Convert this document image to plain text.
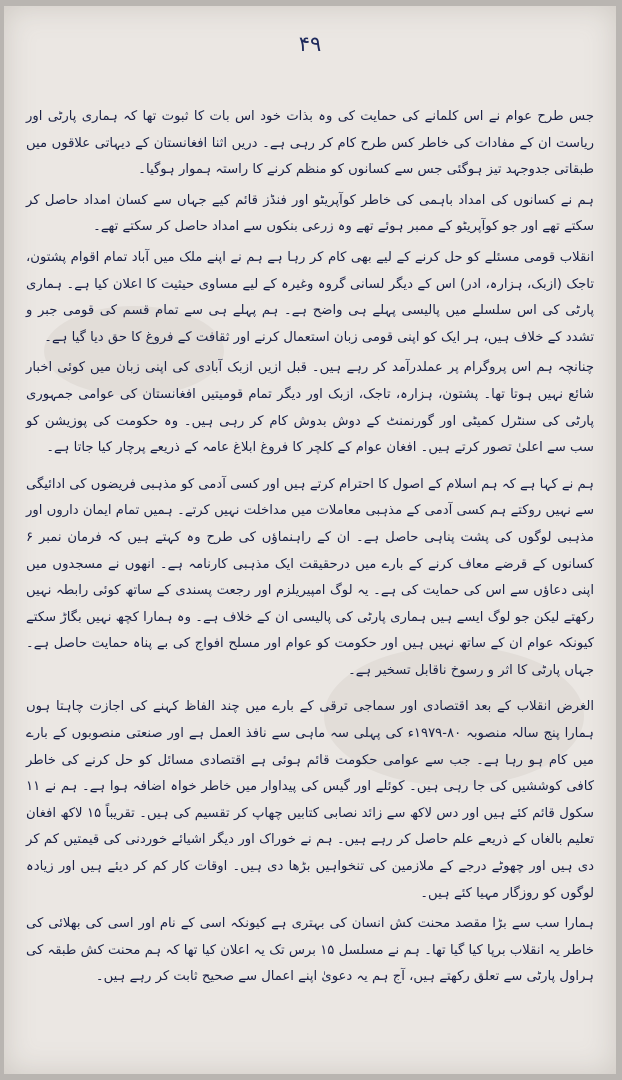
۴۹

جس طرح عوام نے اس کلمانے کی حمایت کی وہ بذات خود اس بات کا ثبوت تھا کہ ہماری پارٹی اور ریاست ان کے مفادات کی خاطر کس طرح کام کر رہی ہے۔ دریں اثنا افغانستان کے دیہاتی علاقوں میں طبقاتی جدوجہد تیز ہوگئی جس سے کسانوں کو منظم کرنے کا راستہ ہموار ہوگیا۔

ہم نے کسانوں کی امداد باہمی کی خاطر کوآپریٹو اور فنڈز قائم کیے جہاں سے کسان امداد حاصل کر سکتے تھے اور جو کوآپریٹو کے ممبر ہوئے تھے وہ زرعی بنکوں سے امداد حاصل کر سکتے تھے۔

انقلاب قومی مسئلے کو حل کرنے کے لیے بھی کام کر رہا ہے ہم نے اپنے ملک میں آباد تمام اقوام پشتون، تاجک (ازبک، ہزارہ، ادر) اس کے دیگر لسانی گروہ وغیرہ کے لیے مساوی حیثیت کا اعلان کیا ہے۔ ہماری پارٹی کی اس سلسلے میں پالیسی پہلے ہی واضح ہے۔ ہم پہلے ہی سے تمام قسم کی قومی جبر و تشدد کے خلاف ہیں، ہر ایک کو اپنی قومی زبان استعمال کرنے اور ثقافت کے فروغ کا حق دیا گیا ہے۔

چنانچہ ہم اس پروگرام پر عملدرآمد کر رہے ہیں۔ قبل ازیں ازبک آبادی کی اپنی زبان میں کوئی اخبار شائع نہیں ہوتا تھا۔ پشتون، ہزارہ، تاجک، ازبک اور دیگر تمام قومیتیں افغانستان کی عوامی جمہوری پارٹی کی سنٹرل کمیٹی اور گورنمنٹ کے دوش بدوش کام کر رہی ہیں۔ وہ حکومت کی پوزیشن کو سب سے اعلیٰ تصور کرتے ہیں۔ افغان عوام کے کلچر کا فروغ ابلاغ عامہ کے ذریعے پرچار کیا جاتا ہے۔

ہم نے کہا ہے کہ ہم اسلام کے اصول کا احترام کرتے ہیں اور کسی آدمی کو مذہبی فریضوں کی ادائیگی سے نہیں روکتے ہم کسی آدمی کے مذہبی معاملات میں مداخلت نہیں کرتے۔ ہمیں تمام ایمان داروں اور مذہبی لوگوں کی پشت پناہی حاصل ہے۔ ان کے راہنماؤں کی طرح وہ کہتے ہیں کہ فرمان نمبر ۶ کسانوں کے قرضے معاف کرنے کے بارے میں درحقیقت ایک مذہبی کارنامہ ہے۔ انھوں نے مسجدوں میں اپنی دعاؤں سے اس کی حمایت کی ہے۔ یہ لوگ امپیریلزم اور رجعت پسندی کے ساتھ کوئی رابطہ نہیں رکھتے لیکن جو لوگ ایسے ہیں ہماری پارٹی کی پالیسی ان کے خلاف ہے۔ وہ ہمارا کچھ نہیں بگاڑ سکتے کیونکہ عوام ان کے ساتھ نہیں ہیں اور حکومت کو عوام اور مسلح افواج کی بے پناہ حمایت حاصل ہے۔ جہاں پارٹی کا اثر و رسوخ ناقابل تسخیر ہے۔

الغرض انقلاب کے بعد اقتصادی اور سماجی ترقی کے بارے میں چند الفاظ کہنے کی اجازت چاہتا ہوں ہمارا پنج سالہ منصوبہ ۸۰-۱۹۷۹ء کی پہلی سہ ماہی سے نافذ العمل ہے اور صنعتی منصوبوں کے بارے میں کام ہو رہا ہے۔ جب سے عوامی حکومت قائم ہوئی ہے اقتصادی مسائل کو حل کرنے کی خاطر کافی کوششیں کی جا رہی ہیں۔ کوئلے اور گیس کی پیداوار میں خاطر خواہ اضافہ ہوا ہے۔ ہم نے ۱۱ سکول قائم کئے ہیں اور دس لاکھ سے زائد نصابی کتابیں چھاپ کر تقسیم کی ہیں۔ تقریباً ۱۵ لاکھ افغان تعلیم بالغاں کے ذریعے علم حاصل کر رہے ہیں۔ ہم نے خوراک اور دیگر اشیائے خوردنی کی قیمتیں کم کر دی ہیں اور چھوٹے درجے کے ملازمین کی تنخواہیں بڑھا دی ہیں۔ اوقات کار کم کر دیئے ہیں اور زیادہ لوگوں کو روزگار مہیا کئے ہیں۔

ہمارا سب سے بڑا مقصد محنت کش انسان کی بہتری ہے کیونکہ اسی کے نام اور اسی کی بھلائی کی خاطر یہ انقلاب برپا کیا گیا تھا۔ ہم نے مسلسل ۱۵ برس تک یہ اعلان کیا تھا کہ ہم محنت کش طبقہ کی ہراول پارٹی سے تعلق رکھتے ہیں، آج ہم یہ دعویٰ اپنے اعمال سے صحیح ثابت کر رہے ہیں۔
